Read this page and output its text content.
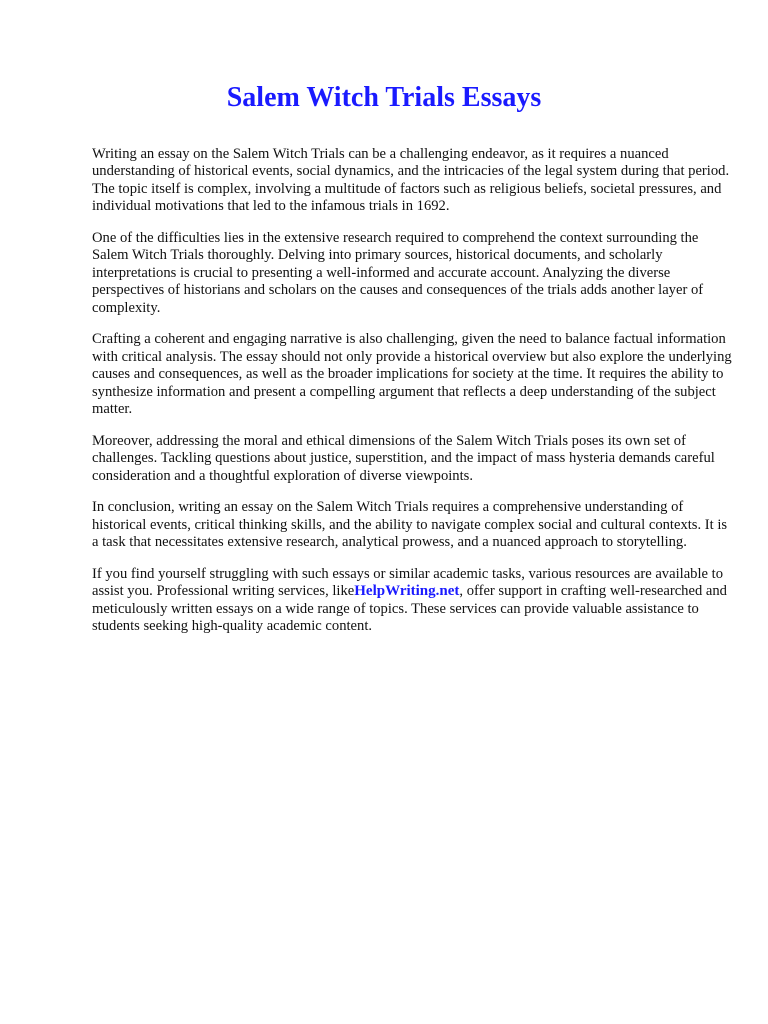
Salem Witch Trials Essays

Writing an essay on the Salem Witch Trials can be a challenging endeavor, as it requires a nuanced understanding of historical events, social dynamics, and the intricacies of the legal system during that period. The topic itself is complex, involving a multitude of factors such as religious beliefs, societal pressures, and individual motivations that led to the infamous trials in 1692.

One of the difficulties lies in the extensive research required to comprehend the context surrounding the Salem Witch Trials thoroughly. Delving into primary sources, historical documents, and scholarly interpretations is crucial to presenting a well-informed and accurate account. Analyzing the diverse perspectives of historians and scholars on the causes and consequences of the trials adds another layer of complexity.

Crafting a coherent and engaging narrative is also challenging, given the need to balance factual information with critical analysis. The essay should not only provide a historical overview but also explore the underlying causes and consequences, as well as the broader implications for society at the time. It requires the ability to synthesize information and present a compelling argument that reflects a deep understanding of the subject matter.

Moreover, addressing the moral and ethical dimensions of the Salem Witch Trials poses its own set of challenges. Tackling questions about justice, superstition, and the impact of mass hysteria demands careful consideration and a thoughtful exploration of diverse viewpoints.

In conclusion, writing an essay on the Salem Witch Trials requires a comprehensive understanding of historical events, critical thinking skills, and the ability to navigate complex social and cultural contexts. It is a task that necessitates extensive research, analytical prowess, and a nuanced approach to storytelling.

If you find yourself struggling with such essays or similar academic tasks, various resources are available to assist you. Professional writing services, likeHelpWriting.net, offer support in crafting well-researched and meticulously written essays on a wide range of topics. These services can provide valuable assistance to students seeking high-quality academic content.
